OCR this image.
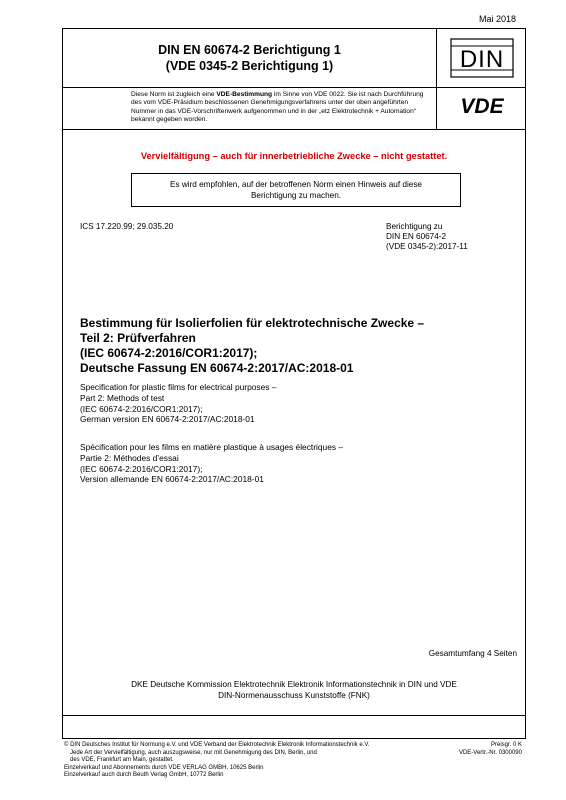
Mai 2018
DIN EN 60674-2 Berichtigung 1
(VDE 0345-2 Berichtigung 1)	DIN
Diese Norm ist zugleich eine VDE-Bestimmung im Sinne von VDE 0022. Sie ist nach Durchführung des vom VDE-Präsidium beschlossenen Genehmigungsverfahrens unter der oben angeführten Nummer in das VDE-Vorschriftenwerk aufgenommen und in der „etz Elektrotechnik + Automation“ bekannt gegeben worden.
VDE
Vervielfältigung – auch für innerbetriebliche Zwecke – nicht gestattet.
Es wird empfohlen, auf der betroffenen Norm einen Hinweis auf diese
Berichtigung zu machen.
ICS 17.220.99; 29.035.20	Berichtigung zu
DIN EN 60674-2
(VDE 0345-2):2017-11
Bestimmung für Isolierfolien für elektrotechnische Zwecke –
Teil 2: Prüfverfahren
(IEC 60674-2:2016/COR1:2017);
Deutsche Fassung EN 60674-2:2017/AC:2018-01
Specification for plastic films for electrical purposes –
Part 2: Methods of test
(IEC 60674-2:2016/COR1:2017);
German version EN 60674-2:2017/AC:2018-01
Spécification pour les films en matière plastique à usages électriques –
Partie 2: Méthodes d’essai
(IEC 60674-2:2016/COR1:2017);
Version allemande EN 60674-2:2017/AC:2018-01
Gesamtumfang 4 Seiten
DKE Deutsche Kommission Elektrotechnik Elektronik Informationstechnik in DIN und VDE
DIN-Normenausschuss Kunststoffe (FNK)
© DIN Deutsches Institut für Normung e.V. und VDE Verband der Elektrotechnik Elektronik Informationstechnik e.V.
Jede Art der Vervielfältigung, auch auszugsweise, nur mit Genehmigung des DIN, Berlin, und
des VDE, Frankfurt am Main, gestattet.
Einzelverkauf und Abonnements durch VDE VERLAG GMBH, 10625 Berlin
Einzelverkauf auch durch Beuth Verlag GmbH, 10772 Berlin
Preisgr. 0 K
VDE-Vertr.-Nr. 0300090
